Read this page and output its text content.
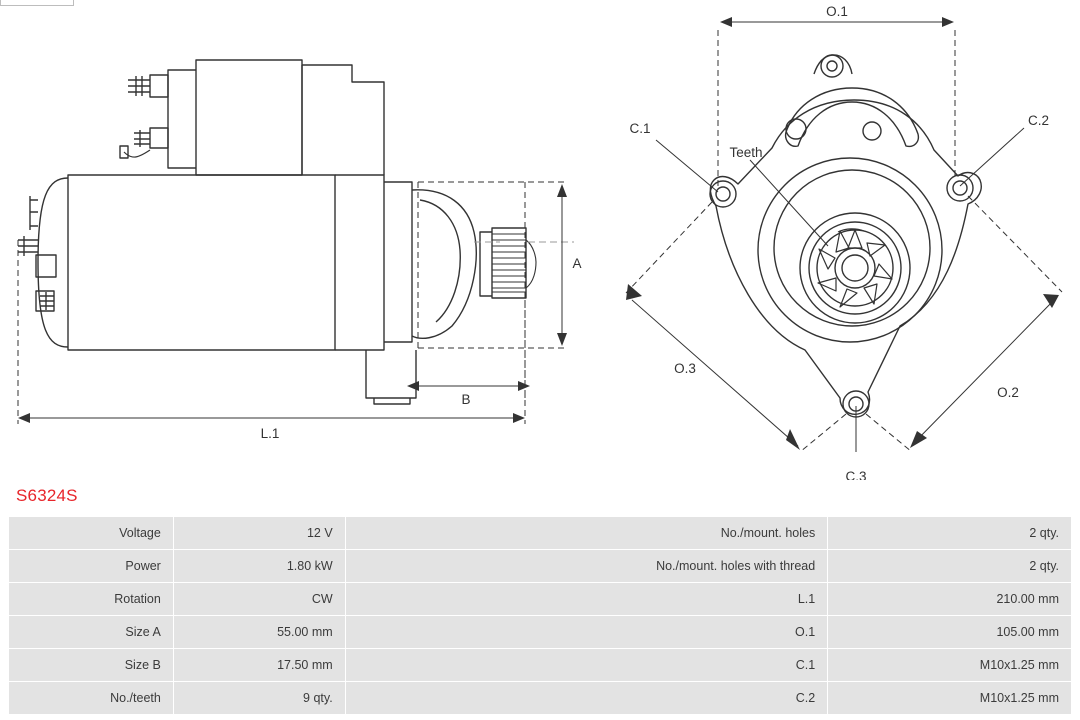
A
B
L.1
O.1
O.2
O.3
C.1
C.2
C.3
Teeth
S6324S
Voltage	12 V	No./mount. holes	2 qty.
Power	1.80 kW	No./mount. holes with thread	2 qty.
Rotation	CW	L.1	210.00 mm
Size A	55.00 mm	O.1	105.00 mm
Size B	17.50 mm	C.1	M10x1.25 mm
No./teeth	9 qty.	C.2	M10x1.25 mm
